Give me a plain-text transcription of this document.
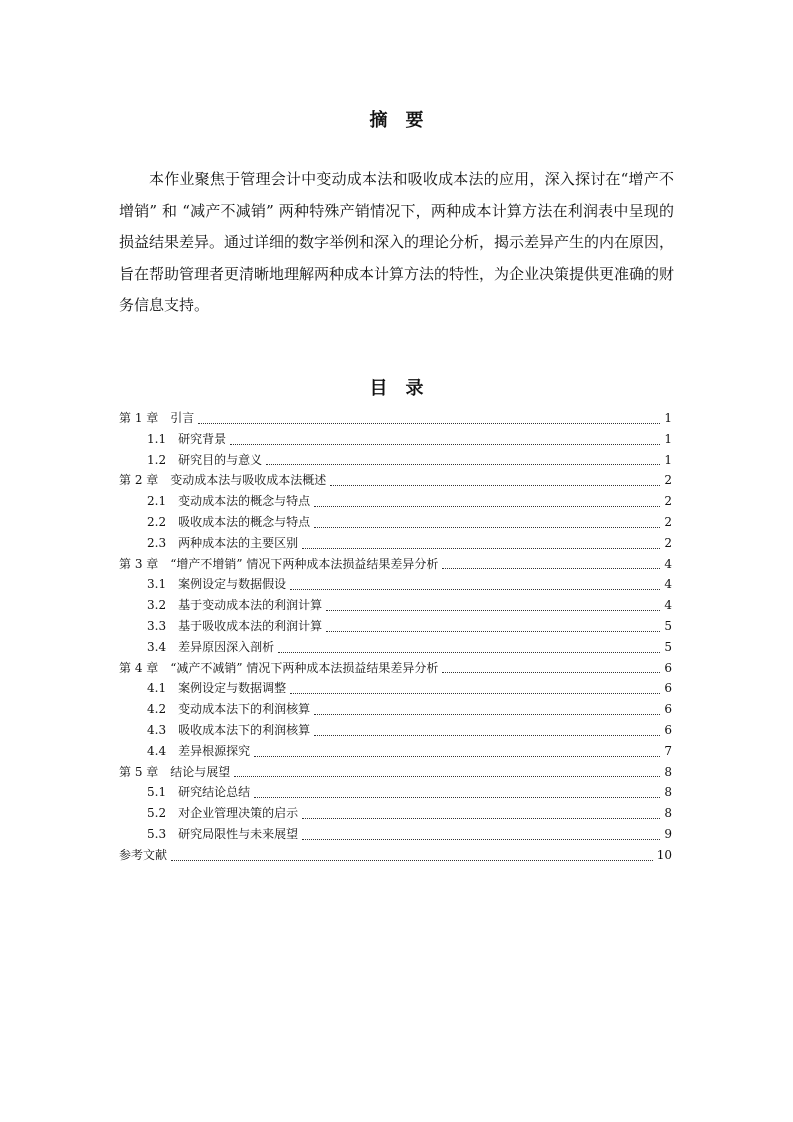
摘 要

本作业聚焦于管理会计中变动成本法和吸收成本法的应用，深入探讨在“增产不增销” 和 “减产不减销” 两种特殊产销情况下，两种成本计算方法在利润表中呈现的损益结果差异。通过详细的数字举例和深入的理论分析，揭示差异产生的内在原因，旨在帮助管理者更清晰地理解两种成本计算方法的特性，为企业决策提供更准确的财务信息支持。

目 录
第 1 章 引言	1
1.1 研究背景	1
1.2 研究目的与意义	1
第 2 章 变动成本法与吸收成本法概述	2
2.1 变动成本法的概念与特点	2
2.2 吸收成本法的概念与特点	2
2.3 两种成本法的主要区别	2
第 3 章 “增产不增销” 情况下两种成本法损益结果差异分析	4
3.1 案例设定与数据假设	4
3.2 基于变动成本法的利润计算	4
3.3 基于吸收成本法的利润计算	5
3.4 差异原因深入剖析	5
第 4 章 “减产不减销” 情况下两种成本法损益结果差异分析	6
4.1 案例设定与数据调整	6
4.2 变动成本法下的利润核算	6
4.3 吸收成本法下的利润核算	6
4.4 差异根源探究	7
第 5 章 结论与展望	8
5.1 研究结论总结	8
5.2 对企业管理决策的启示	8
5.3 研究局限性与未来展望	9
参考文献	10
